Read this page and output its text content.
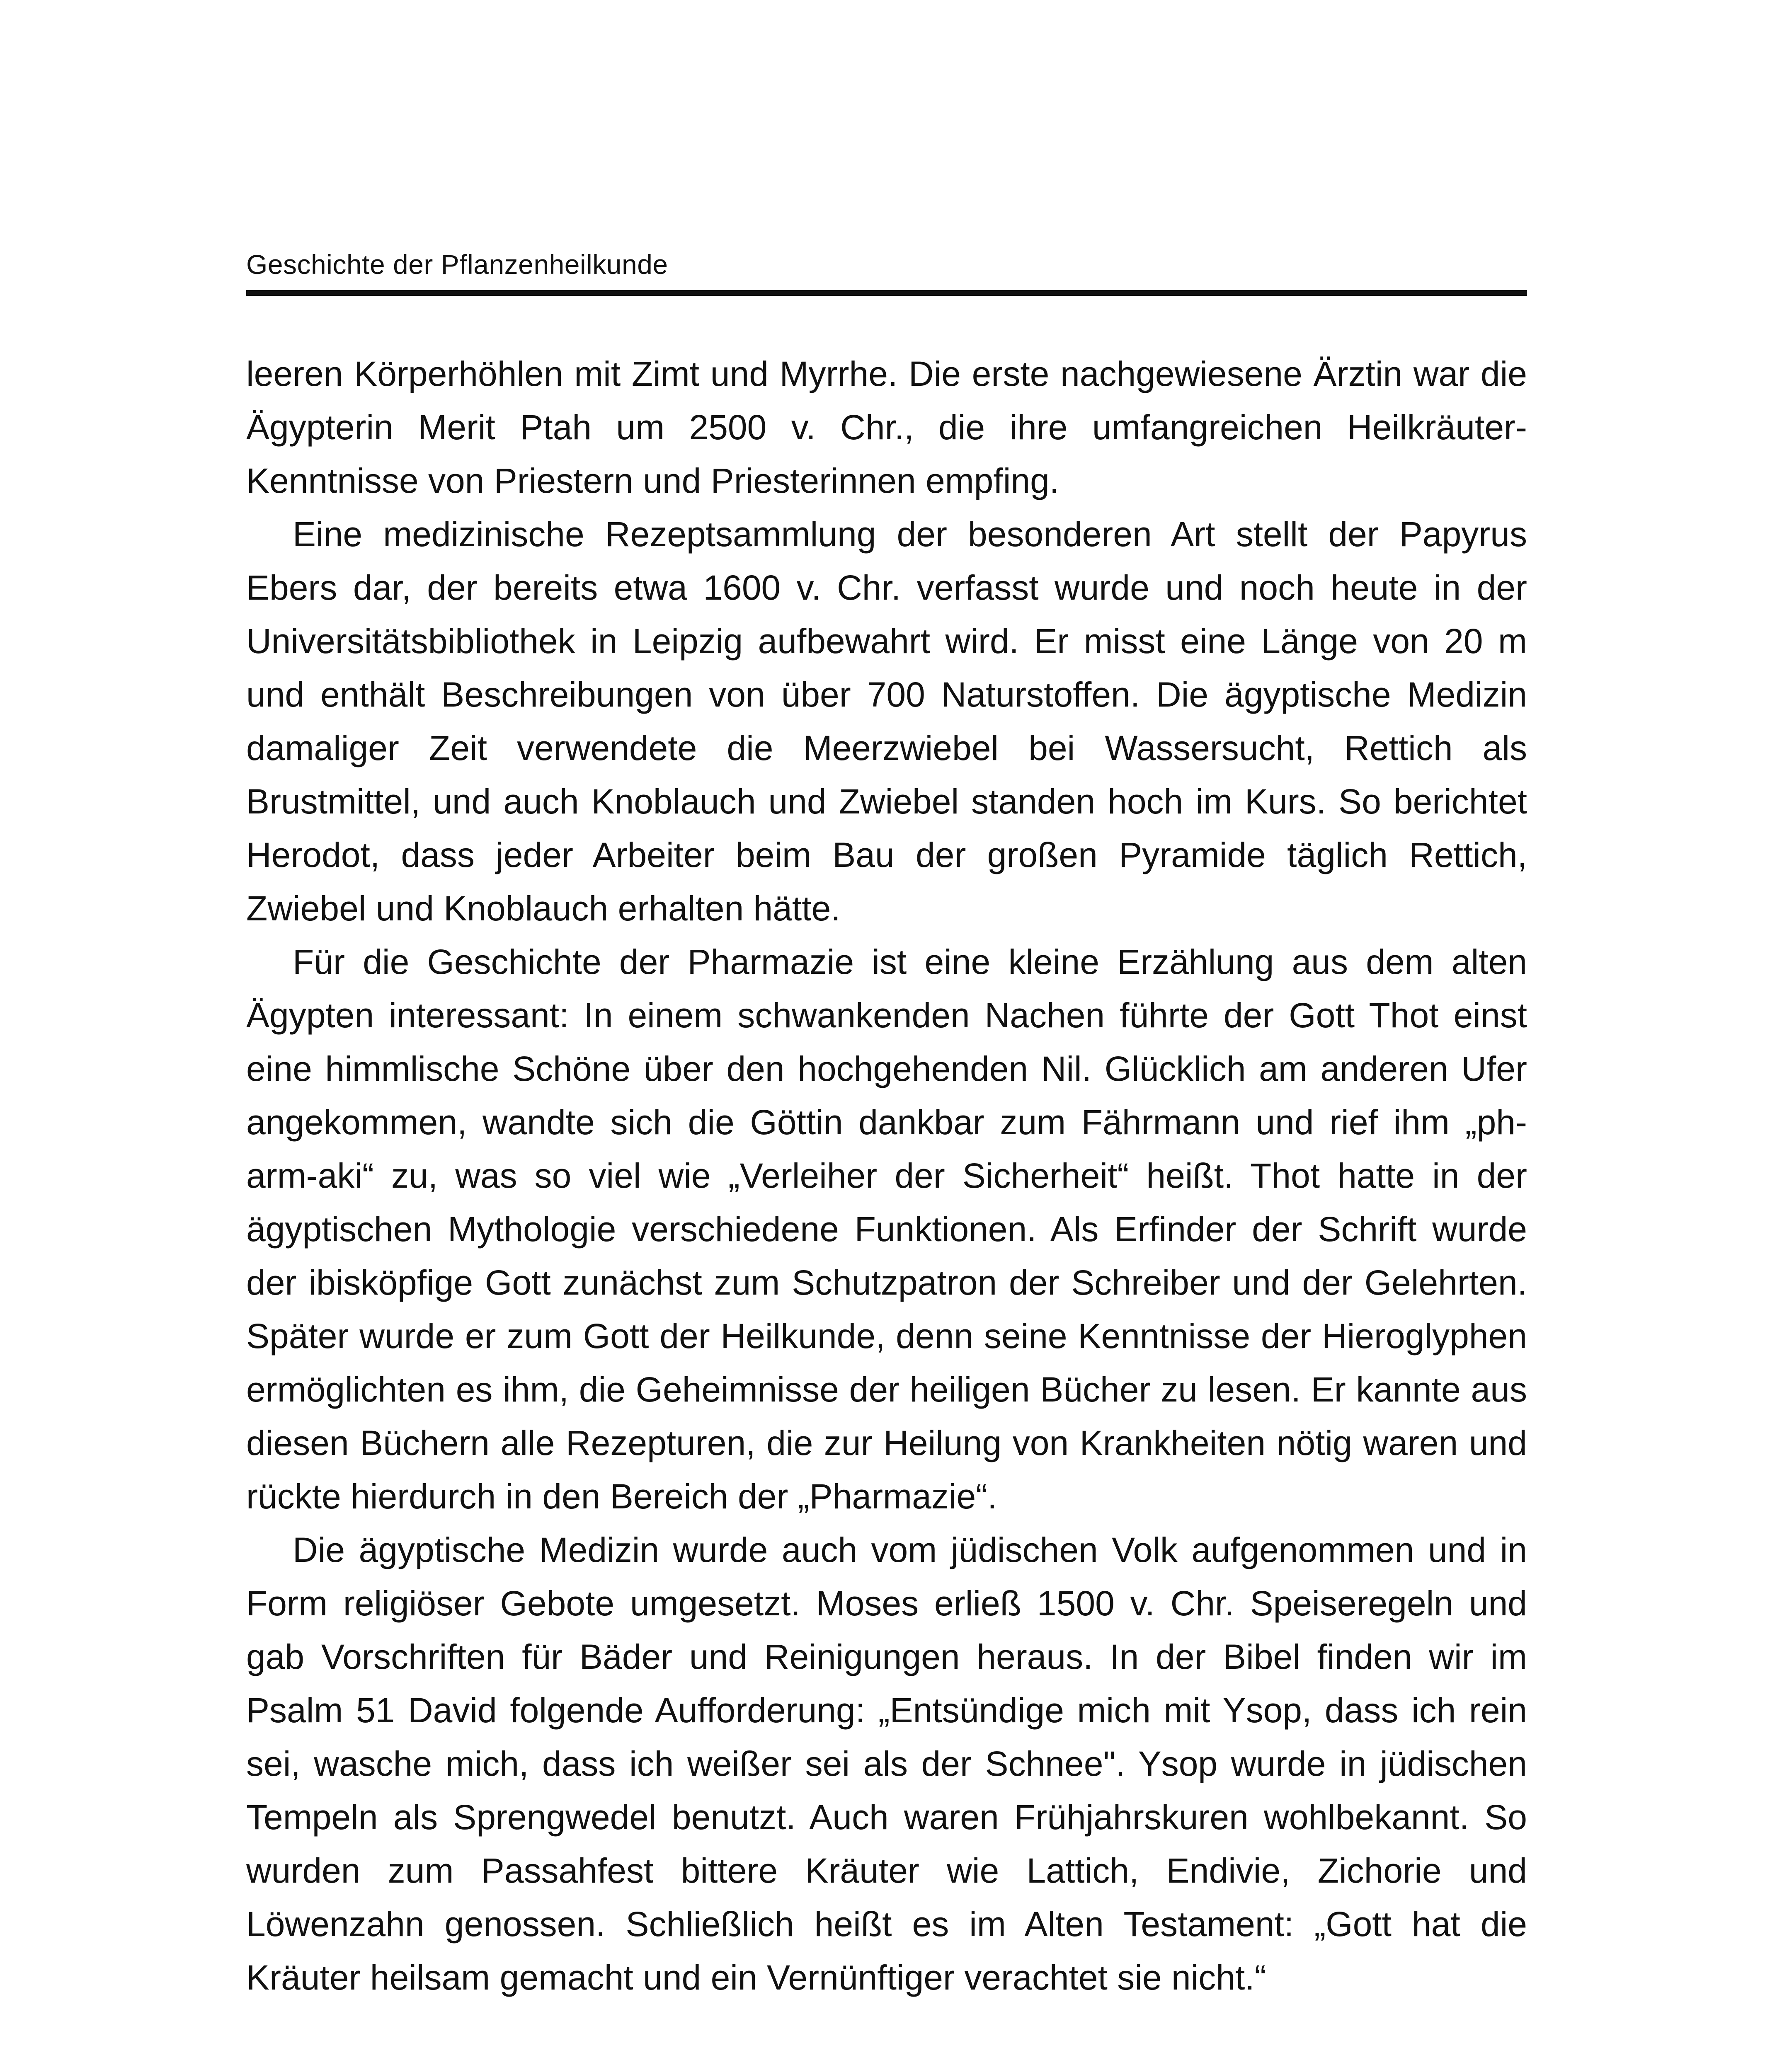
Geschichte der Pflanzenheilkunde

leeren Körperhöhlen mit Zimt und Myrrhe. Die erste nachgewiesene Ärztin war die Ägypterin Merit Ptah um 2500 v. Chr., die ihre umfangreichen Heilkräuter-Kenntnisse von Priestern und Priesterinnen empfing.

Eine medizinische Rezeptsammlung der besonderen Art stellt der Papyrus Ebers dar, der bereits etwa 1600 v. Chr. verfasst wurde und noch heute in der Universitätsbibliothek in Leipzig aufbewahrt wird. Er misst eine Länge von 20 m und enthält Beschreibungen von über 700 Naturstoffen. Die ägyptische Medizin damaliger Zeit verwendete die Meerzwiebel bei Wassersucht, Rettich als Brustmittel, und auch Knoblauch und Zwiebel standen hoch im Kurs. So berichtet Herodot, dass jeder Arbeiter beim Bau der großen Pyramide täglich Rettich, Zwiebel und Knoblauch erhalten hätte.

Für die Geschichte der Pharmazie ist eine kleine Erzählung aus dem alten Ägypten interessant: In einem schwankenden Nachen führte der Gott Thot einst eine himmlische Schöne über den hochgehenden Nil. Glücklich am anderen Ufer angekommen, wandte sich die Göttin dankbar zum Fährmann und rief ihm „ph-arm-aki“ zu, was so viel wie „Verleiher der Sicherheit“ heißt. Thot hatte in der ägyptischen Mythologie verschiedene Funktionen. Als Erfinder der Schrift wurde der ibisköpfige Gott zunächst zum Schutzpatron der Schreiber und der Gelehrten. Später wurde er zum Gott der Heilkunde, denn seine Kenntnisse der Hieroglyphen ermöglichten es ihm, die Geheimnisse der heiligen Bücher zu lesen. Er kannte aus diesen Büchern alle Rezepturen, die zur Heilung von Krankheiten nötig waren und rückte hierdurch in den Bereich der „Pharmazie“.

Die ägyptische Medizin wurde auch vom jüdischen Volk aufgenommen und in Form religiöser Gebote umgesetzt. Moses erließ 1500 v. Chr. Speiseregeln und gab Vorschriften für Bäder und Reinigungen heraus. In der Bibel finden wir im Psalm 51 David folgende Aufforderung: „Entsündige mich mit Ysop, dass ich rein sei, wasche mich, dass ich weißer sei als der Schnee". Ysop wurde in jüdischen Tempeln als Sprengwedel benutzt. Auch waren Frühjahrskuren wohlbekannt. So wurden zum Passahfest bittere Kräuter wie Lattich, Endivie, Zichorie und Löwenzahn genossen. Schließlich heißt es im Alten Testament: „Gott hat die Kräuter heilsam gemacht und ein Vernünftiger verachtet sie nicht.“
